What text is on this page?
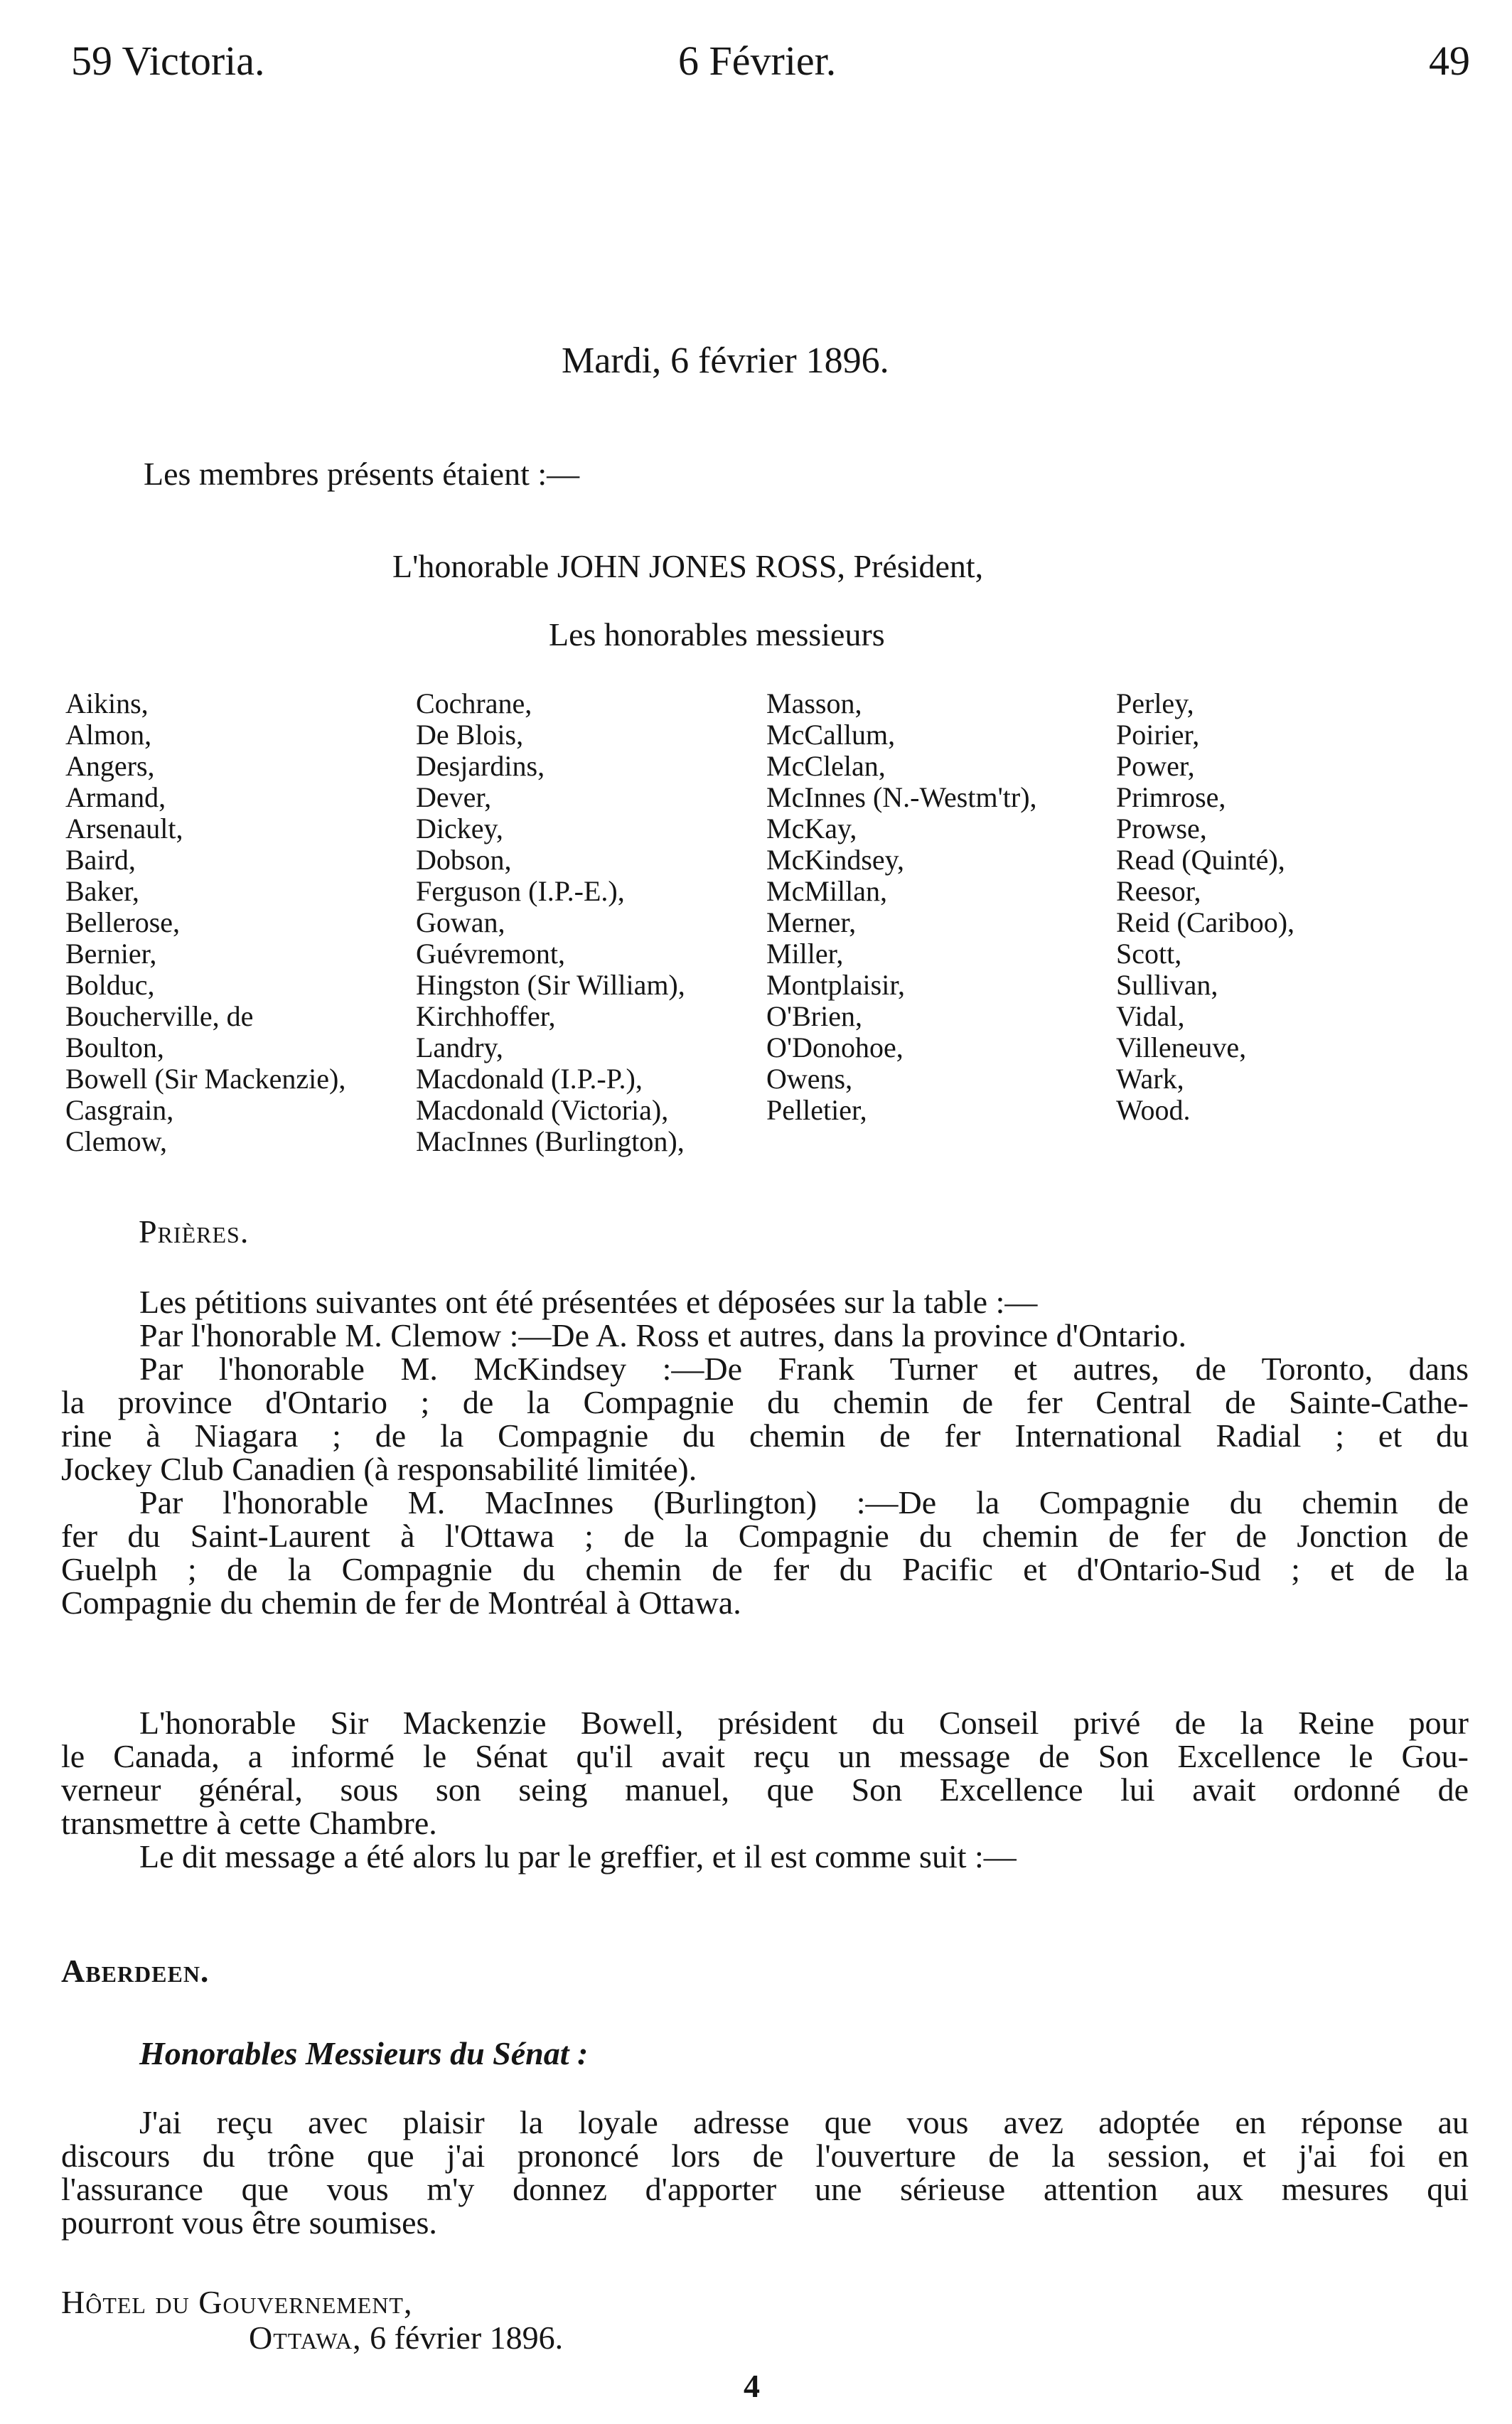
59 Victoria.	6 Février.	49
Mardi, 6 février 1896.
Les membres présents étaient :—
L'honorable JOHN JONES ROSS, Président,
Les honorables messieurs
Aikins,
Almon,
Angers,
Armand,
Arsenault,
Baird,
Baker,
Bellerose,
Bernier,
Bolduc,
Boucherville, de
Boulton,
Bowell (Sir Mackenzie),
Casgrain,
Clemow,
Cochrane,
De Blois,
Desjardins,
Dever,
Dickey,
Dobson,
Ferguson (I.P.-E.),
Gowan,
Guévremont,
Hingston (Sir William),
Kirchhoffer,
Landry,
Macdonald (I.P.-P.),
Macdonald (Victoria),
MacInnes (Burlington),
Masson,
McCallum,
McClelan,
McInnes (N.-Westm'tr),
McKay,
McKindsey,
McMillan,
Merner,
Miller,
Montplaisir,
O'Brien,
O'Donohoe,
Owens,
Pelletier,
Perley,
Poirier,
Power,
Primrose,
Prowse,
Read (Quinté),
Reesor,
Reid (Cariboo),
Scott,
Sullivan,
Vidal,
Villeneuve,
Wark,
Wood.
Prières.
Les pétitions suivantes ont été présentées et déposées sur la table :—
Par l'honorable M. Clemow :—De A. Ross et autres, dans la province d'Ontario.
Par l'honorable M. McKindsey :—De Frank Turner et autres, de Toronto, dans
la province d'Ontario ; de la Compagnie du chemin de fer Central de Sainte-Cathe-
rine à Niagara ; de la Compagnie du chemin de fer International Radial ; et du
Jockey Club Canadien (à responsabilité limitée).
Par l'honorable M. MacInnes (Burlington) :—De la Compagnie du chemin de
fer du Saint-Laurent à l'Ottawa ; de la Compagnie du chemin de fer de Jonction de
Guelph ; de la Compagnie du chemin de fer du Pacific et d'Ontario-Sud ; et de la
Compagnie du chemin de fer de Montréal à Ottawa.
L'honorable Sir Mackenzie Bowell, président du Conseil privé de la Reine pour
le Canada, a informé le Sénat qu'il avait reçu un message de Son Excellence le Gou-
verneur général, sous son seing manuel, que Son Excellence lui avait ordonné de
transmettre à cette Chambre.
Le dit message a été alors lu par le greffier, et il est comme suit :—
Aberdeen.
Honorables Messieurs du Sénat :
J'ai reçu avec plaisir la loyale adresse que vous avez adoptée en réponse au
discours du trône que j'ai prononcé lors de l'ouverture de la session, et j'ai foi en
l'assurance que vous m'y donnez d'apporter une sérieuse attention aux mesures qui
pourront vous être soumises.
Hôtel du Gouvernement,
Ottawa, 6 février 1896.
4
